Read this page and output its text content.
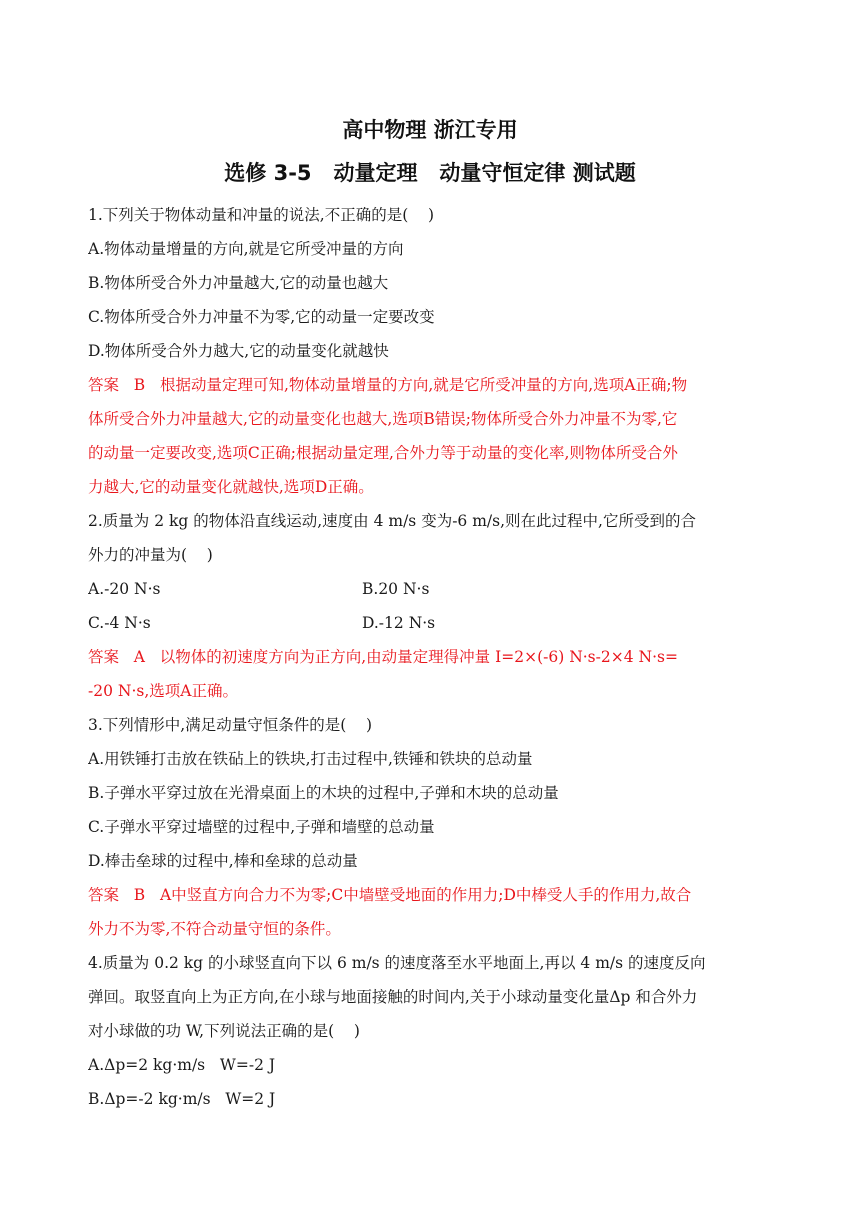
高中物理 浙江专用
选修 3-5   动量定理   动量守恒定律 测试题
1.下列关于物体动量和冲量的说法,不正确的是(    )
A.物体动量增量的方向,就是它所受冲量的方向
B.物体所受合外力冲量越大,它的动量也越大
C.物体所受合外力冲量不为零,它的动量一定要改变
D.物体所受合外力越大,它的动量变化就越快
答案   B   根据动量定理可知,物体动量增量的方向,就是它所受冲量的方向,选项A正确;物
体所受合外力冲量越大,它的动量变化也越大,选项B错误;物体所受合外力冲量不为零,它
的动量一定要改变,选项C正确;根据动量定理,合外力等于动量的变化率,则物体所受合外
力越大,它的动量变化就越快,选项D正确。
2.质量为 2 kg 的物体沿直线运动,速度由 4 m/s 变为-6 m/s,则在此过程中,它所受到的合
外力的冲量为(    )
A.-20 N·s	B.20 N·s
C.-4 N·s	D.-12 N·s
答案   A   以物体的初速度方向为正方向,由动量定理得冲量 I=2×(-6) N·s-2×4 N·s=
-20 N·s,选项A正确。
3.下列情形中,满足动量守恒条件的是(    )
A.用铁锤打击放在铁砧上的铁块,打击过程中,铁锤和铁块的总动量
B.子弹水平穿过放在光滑桌面上的木块的过程中,子弹和木块的总动量
C.子弹水平穿过墙壁的过程中,子弹和墙壁的总动量
D.棒击垒球的过程中,棒和垒球的总动量
答案   B   A中竖直方向合力不为零;C中墙壁受地面的作用力;D中棒受人手的作用力,故合
外力不为零,不符合动量守恒的条件。
4.质量为 0.2 kg 的小球竖直向下以 6 m/s 的速度落至水平地面上,再以 4 m/s 的速度反向
弹回。取竖直向上为正方向,在小球与地面接触的时间内,关于小球动量变化量Δp 和合外力
对小球做的功 W,下列说法正确的是(    )
A.Δp=2 kg·m/s   W=-2 J
B.Δp=-2 kg·m/s   W=2 J
